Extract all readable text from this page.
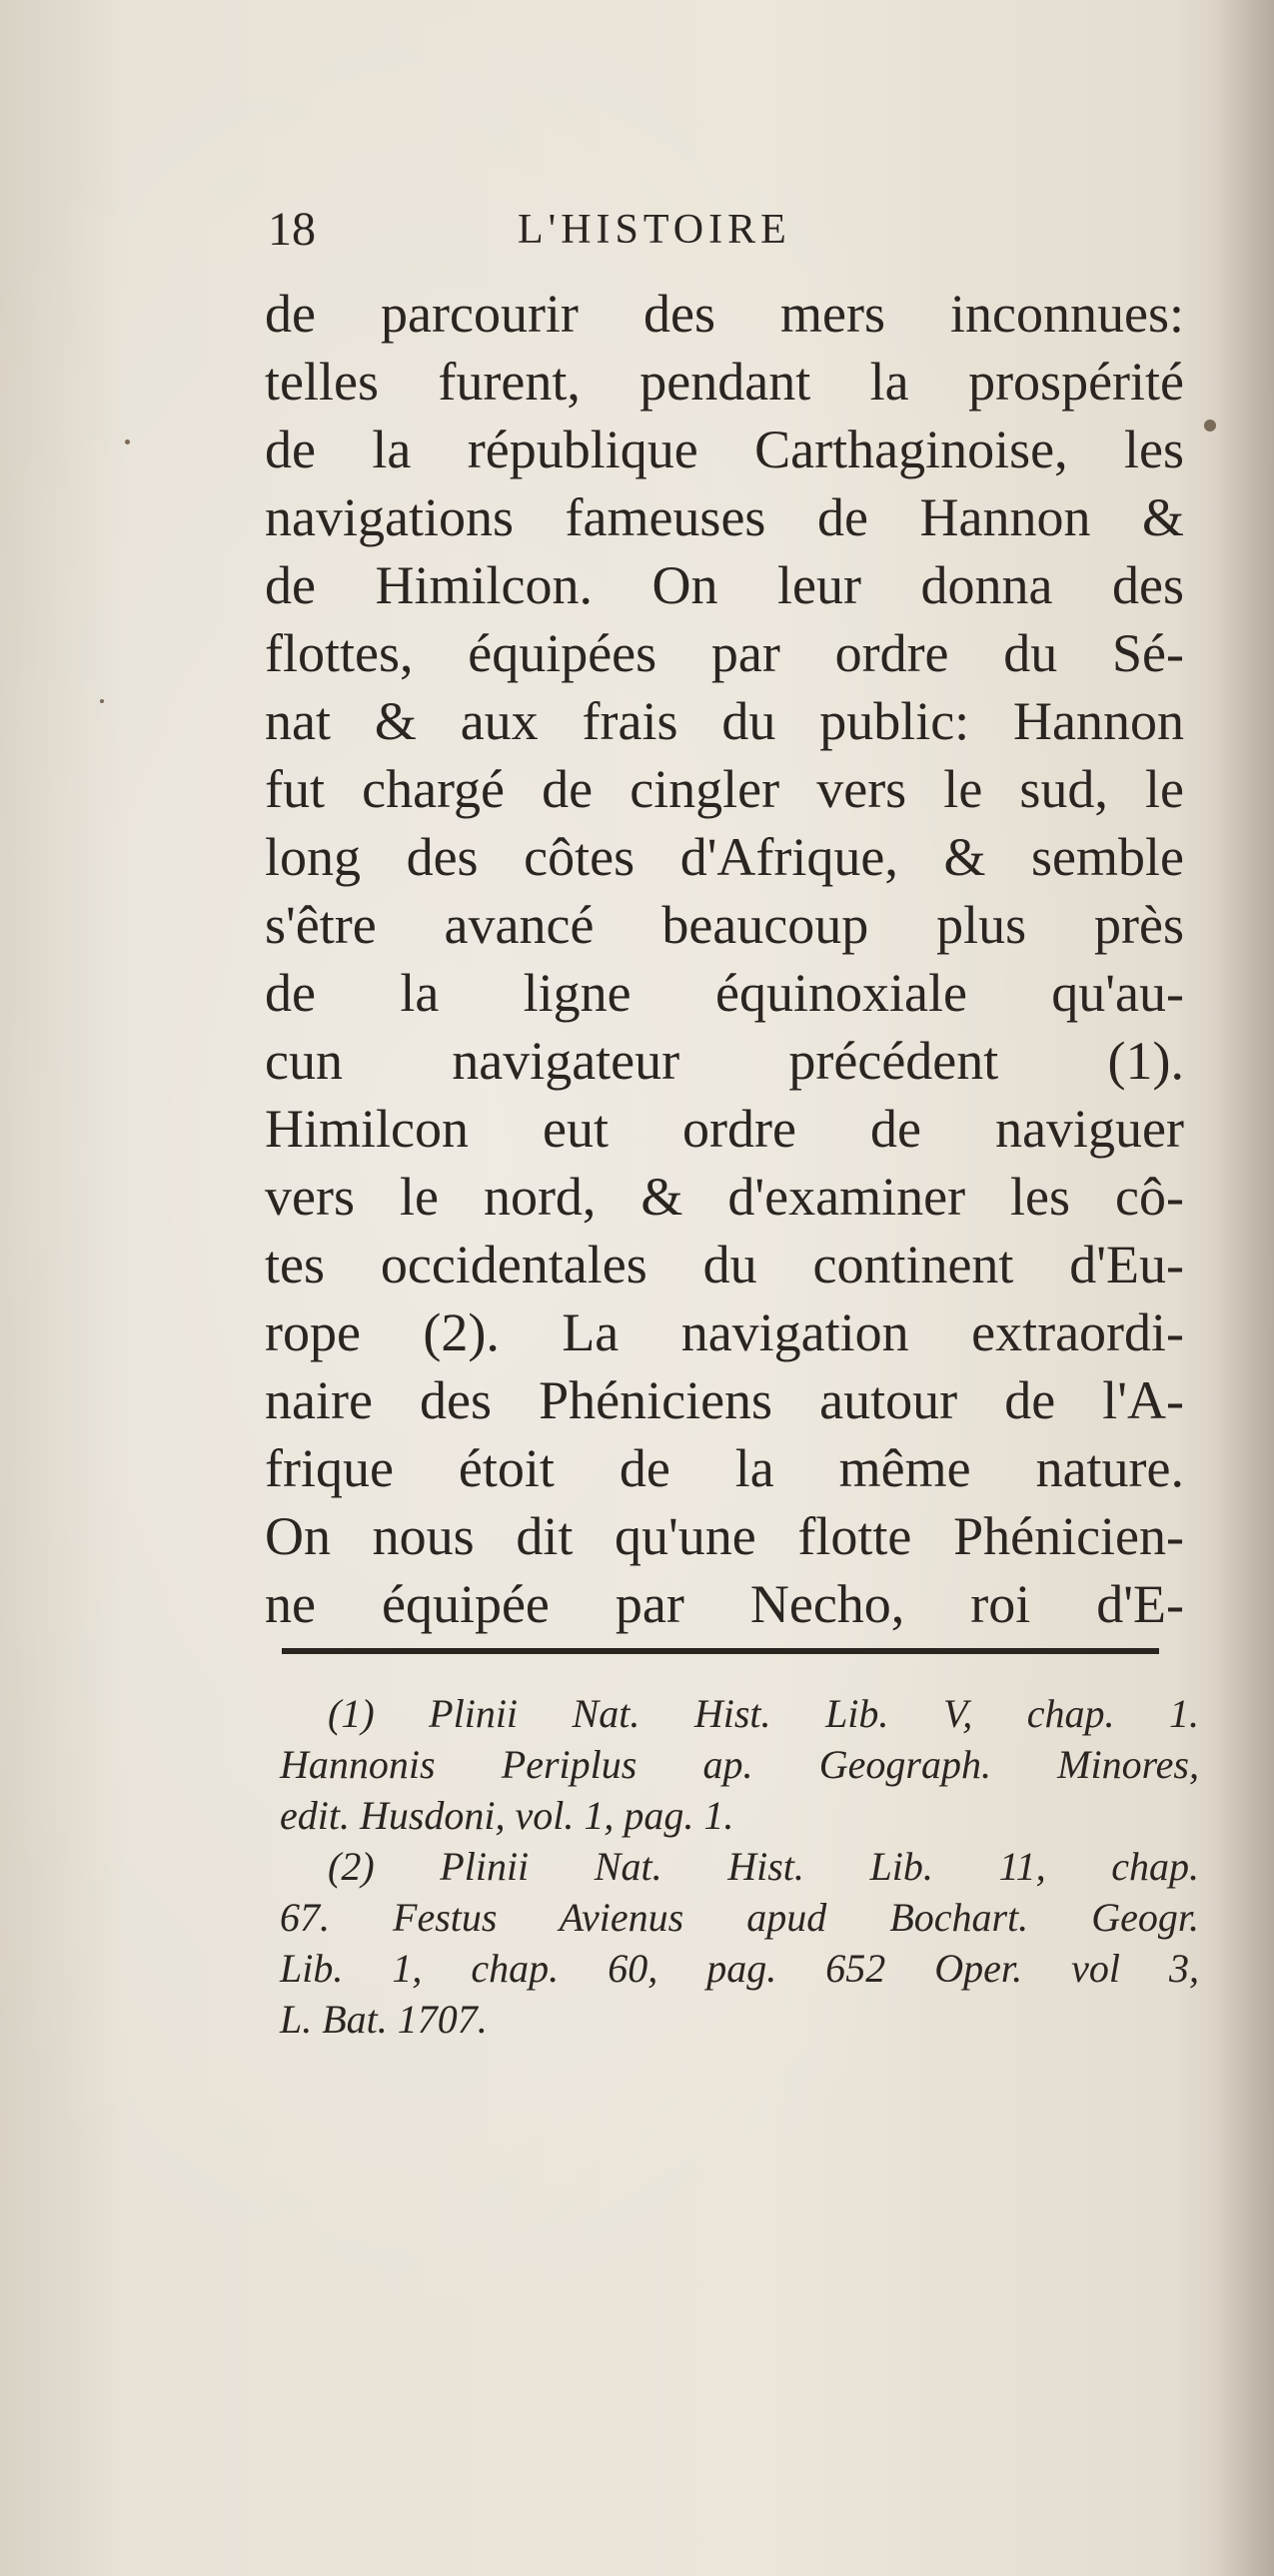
18	L'HISTOIRE
de parcourir des mers inconnues:
telles furent, pendant la prospérité
de la république Carthaginoise, les
navigations fameuses de Hannon &
de Himilcon. On leur donna des
flottes, équipées par ordre du Sé-
nat & aux frais du public: Hannon
fut chargé de cingler vers le sud, le
long des côtes d'Afrique, & semble
s'être avancé beaucoup plus près
de la ligne équinoxiale qu'au-
cun navigateur précédent (1).
Himilcon eut ordre de naviguer
vers le nord, & d'examiner les cô-
tes occidentales du continent d'Eu-
rope (2). La navigation extraordi-
naire des Phéniciens autour de l'A-
frique étoit de la même nature.
On nous dit qu'une flotte Phénicien-
ne équipée par Necho, roi d'E-
(1) Plinii Nat. Hist. Lib. V, chap. 1.
Hannonis Periplus ap. Geograph. Minores,
edit. Husdoni, vol. 1, pag. 1.
(2) Plinii Nat. Hist. Lib. 11, chap.
67. Festus Avienus apud Bochart. Geogr.
Lib. 1, chap. 60, pag. 652 Oper. vol 3,
L. Bat. 1707.
